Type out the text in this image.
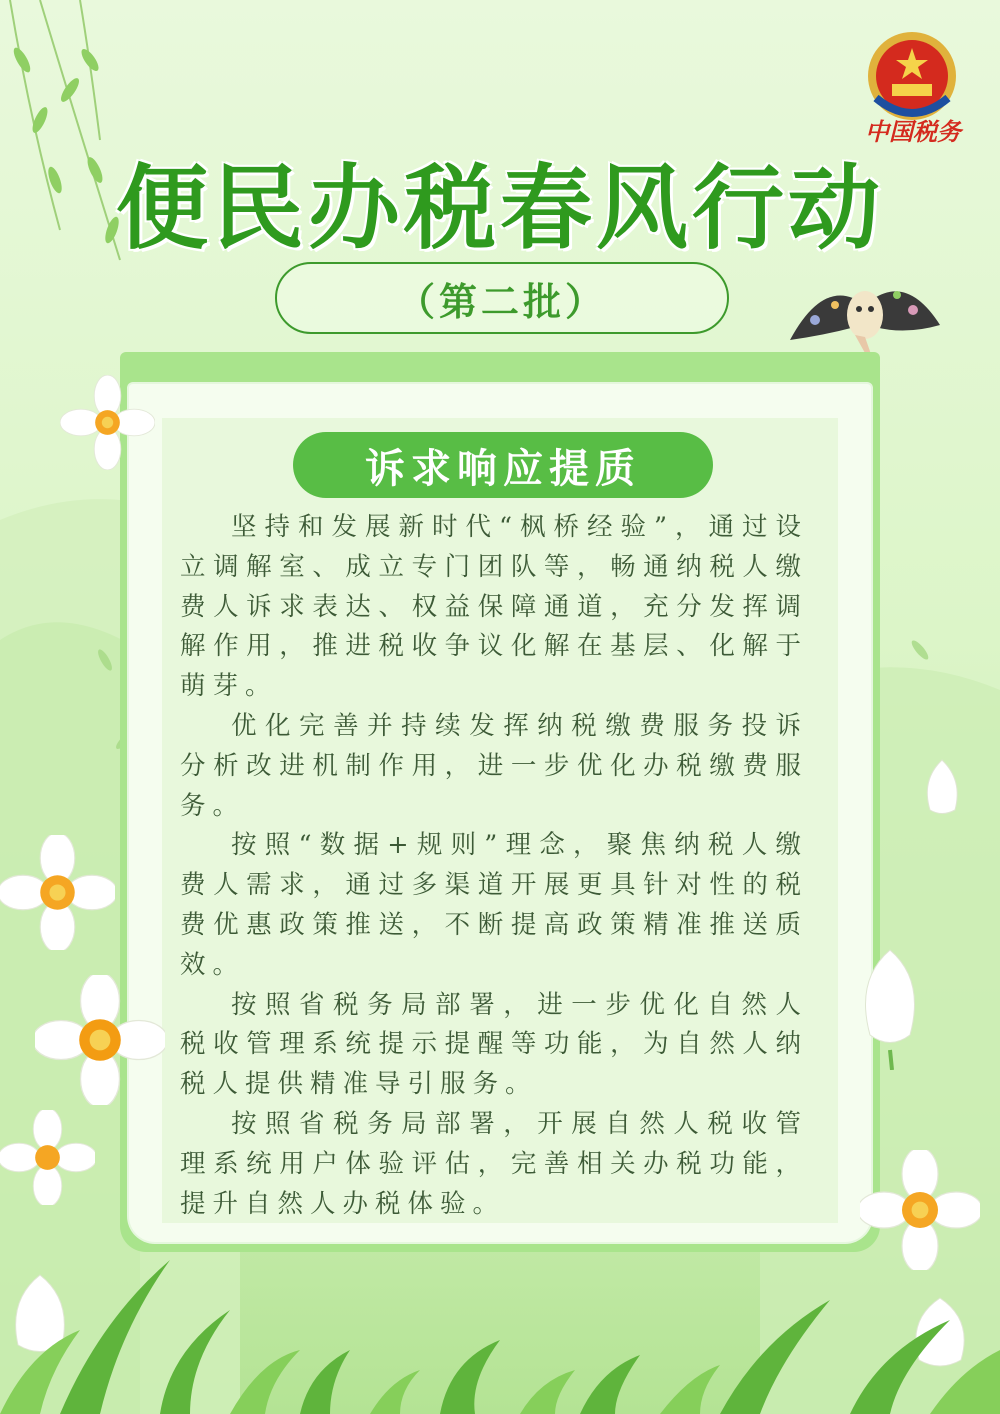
中国税务
便民办税春风行动
（第二批）
诉求响应提质

坚持和发展新时代“枫桥经验”，通过设立调解室、成立专门团队等，畅通纳税人缴费人诉求表达、权益保障通道，充分发挥调解作用，推进税收争议化解在基层、化解于萌芽。

优化完善并持续发挥纳税缴费服务投诉分析改进机制作用，进一步优化办税缴费服务。

按照“数据+规则”理念，聚焦纳税人缴费人需求，通过多渠道开展更具针对性的税费优惠政策推送，不断提高政策精准推送质效。

按照省税务局部署，进一步优化自然人税收管理系统提示提醒等功能，为自然人纳税人提供精准导引服务。

按照省税务局部署，开展自然人税收管理系统用户体验评估，完善相关办税功能，提升自然人办税体验。
